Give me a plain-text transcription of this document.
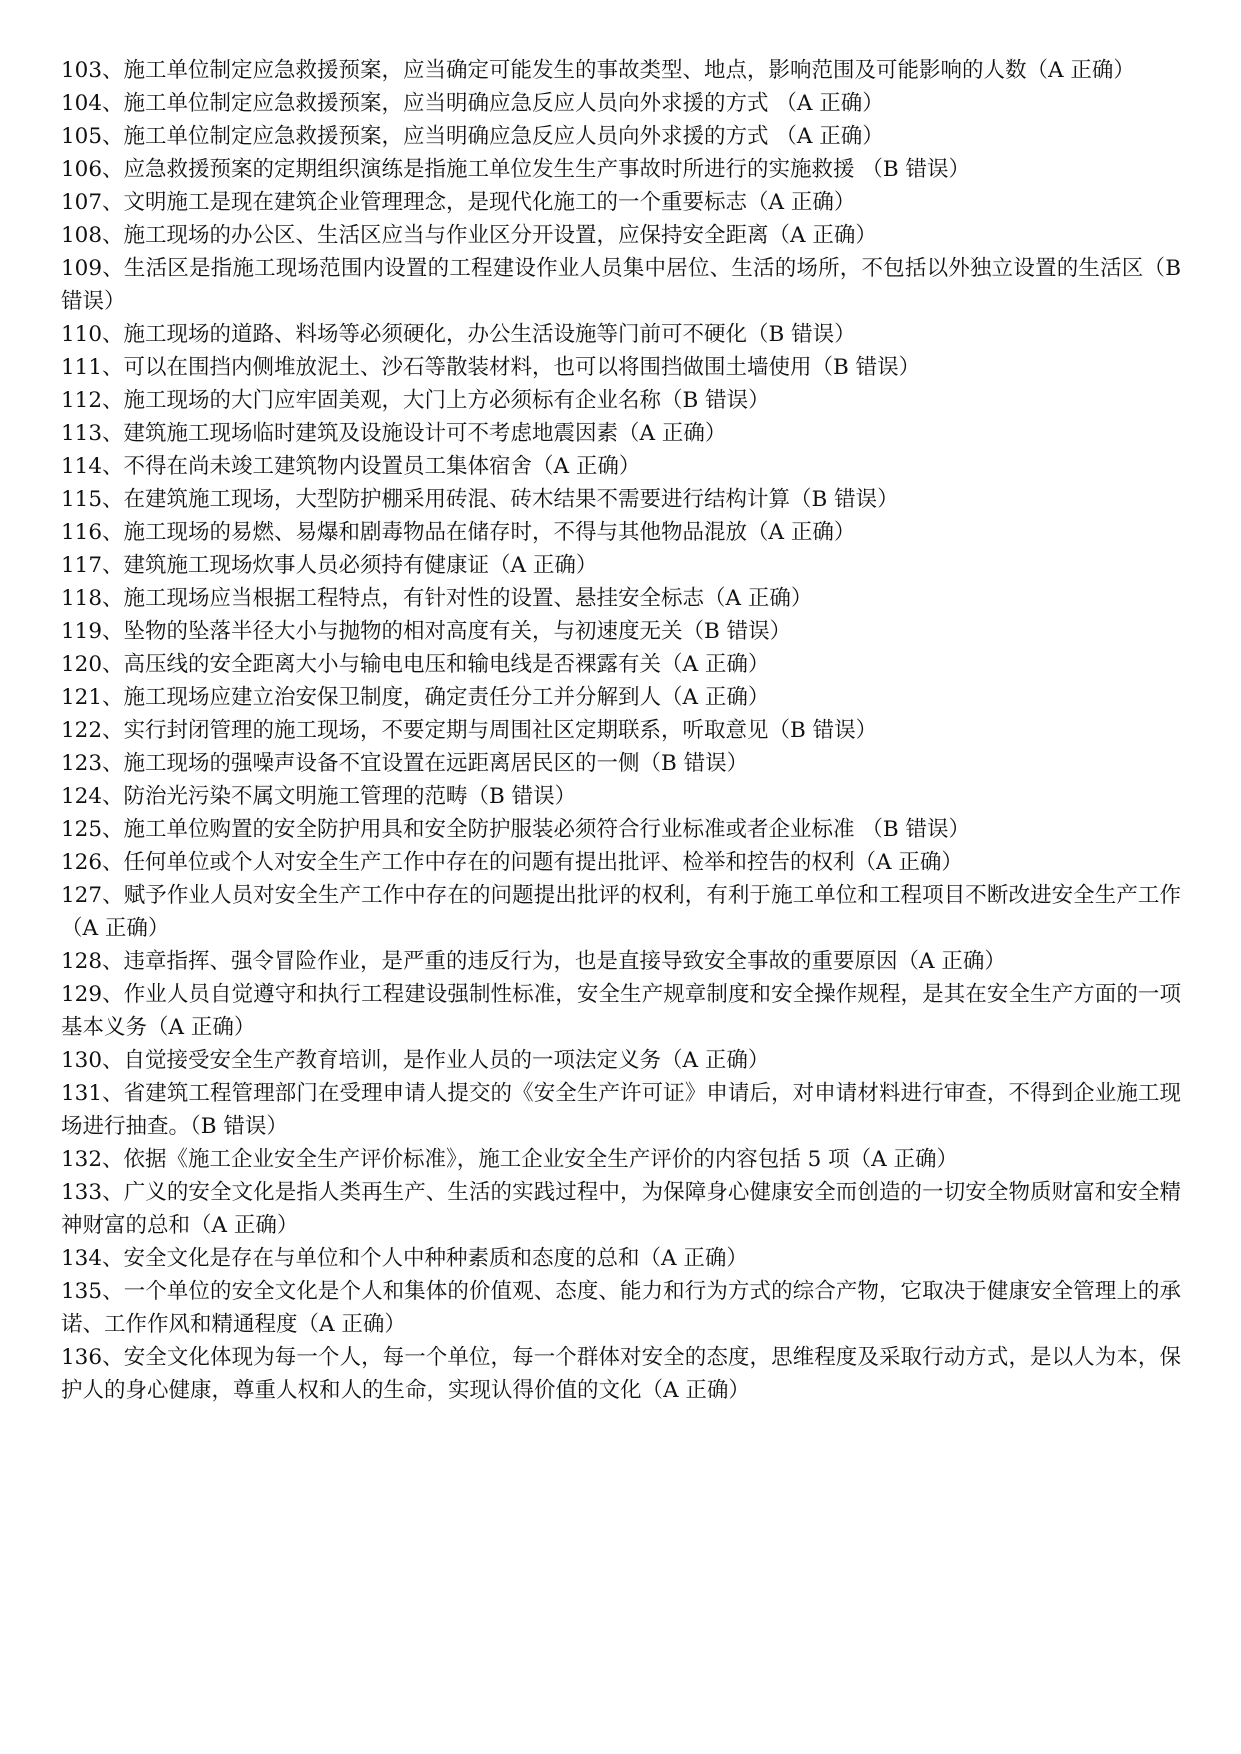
103、施工单位制定应急救援预案，应当确定可能发生的事故类型、地点，影响范围及可能影响的人数（A 正确）

104、施工单位制定应急救援预案，应当明确应急反应人员向外求援的方式 （A 正确）

105、施工单位制定应急救援预案，应当明确应急反应人员向外求援的方式 （A 正确）

106、应急救援预案的定期组织演练是指施工单位发生生产事故时所进行的实施救援 （B 错误）

107、文明施工是现在建筑企业管理理念，是现代化施工的一个重要标志（A 正确）

108、施工现场的办公区、生活区应当与作业区分开设置，应保持安全距离（A 正确）

109、生活区是指施工现场范围内设置的工程建设作业人员集中居位、生活的场所，不包括以外独立设置的生活区（B 错误）

110、施工现场的道路、料场等必须硬化，办公生活设施等门前可不硬化（B 错误）

111、可以在围挡内侧堆放泥土、沙石等散装材料，也可以将围挡做围土墙使用（B 错误）

112、施工现场的大门应牢固美观，大门上方必须标有企业名称（B 错误）

113、建筑施工现场临时建筑及设施设计可不考虑地震因素（A 正确）

114、不得在尚未竣工建筑物内设置员工集体宿舍（A 正确）

115、在建筑施工现场，大型防护棚采用砖混、砖木结果不需要进行结构计算（B 错误）

116、施工现场的易燃、易爆和剧毒物品在储存时，不得与其他物品混放（A 正确）

117、建筑施工现场炊事人员必须持有健康证（A 正确）

118、施工现场应当根据工程特点，有针对性的设置、悬挂安全标志（A 正确）

119、坠物的坠落半径大小与抛物的相对高度有关，与初速度无关（B 错误）

120、高压线的安全距离大小与输电电压和输电线是否裸露有关（A 正确）

121、施工现场应建立治安保卫制度，确定责任分工并分解到人（A 正确）

122、实行封闭管理的施工现场，不要定期与周围社区定期联系，听取意见（B 错误）

123、施工现场的强噪声设备不宜设置在远距离居民区的一侧（B 错误）

124、防治光污染不属文明施工管理的范畴（B 错误）

125、施工单位购置的安全防护用具和安全防护服装必须符合行业标准或者企业标准 （B 错误）

126、任何单位或个人对安全生产工作中存在的问题有提出批评、检举和控告的权利（A 正确）

127、赋予作业人员对安全生产工作中存在的问题提出批评的权利，有利于施工单位和工程项目不断改进安全生产工作（A 正确）

128、违章指挥、强令冒险作业，是严重的违反行为，也是直接导致安全事故的重要原因（A 正确）

129、作业人员自觉遵守和执行工程建设强制性标准，安全生产规章制度和安全操作规程，是其在安全生产方面的一项基本义务（A 正确）

130、自觉接受安全生产教育培训，是作业人员的一项法定义务（A 正确）

131、省建筑工程管理部门在受理申请人提交的《安全生产许可证》申请后，对申请材料进行审查，不得到企业施工现场进行抽查。（B 错误）

132、依据《施工企业安全生产评价标准》，施工企业安全生产评价的内容包括 5 项（A 正确）

133、广义的安全文化是指人类再生产、生活的实践过程中，为保障身心健康安全而创造的一切安全物质财富和安全精神财富的总和（A 正确）

134、安全文化是存在与单位和个人中种种素质和态度的总和（A 正确）

135、一个单位的安全文化是个人和集体的价值观、态度、能力和行为方式的综合产物，它取决于健康安全管理上的承诺、工作作风和精通程度（A 正确）

136、安全文化体现为每一个人，每一个单位，每一个群体对安全的态度，思维程度及采取行动方式，是以人为本，保护人的身心健康，尊重人权和人的生命，实现认得价值的文化（A 正确）
